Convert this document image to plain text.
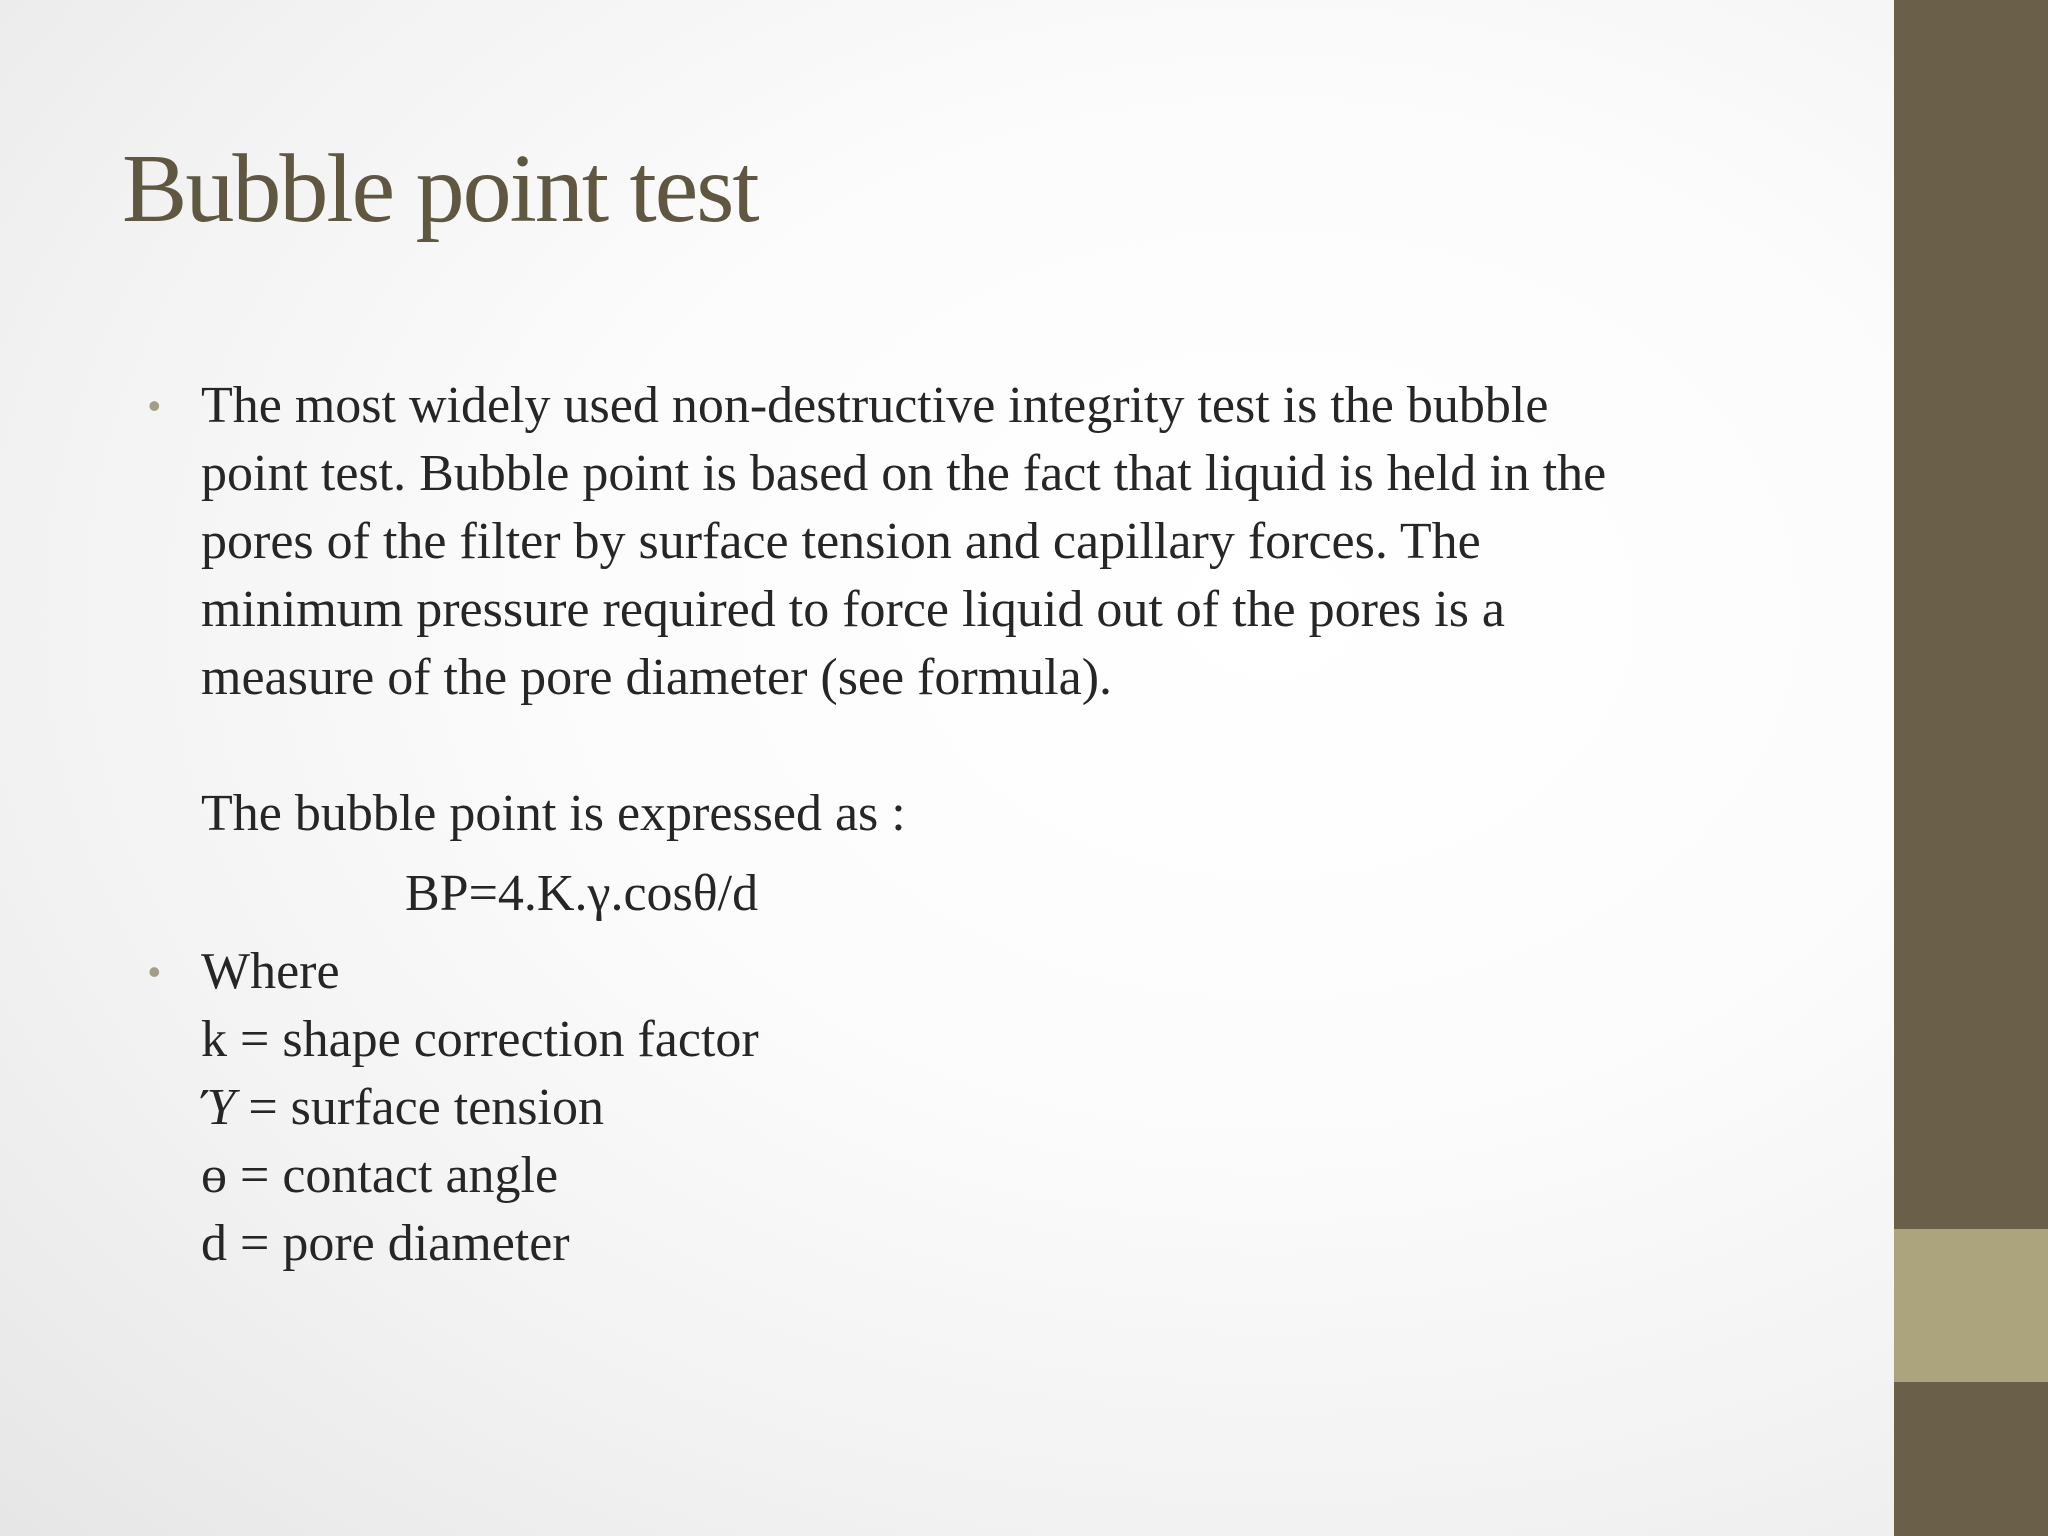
Bubble point test
• The most widely used non-destructive integrity test is the bubble
point test. Bubble point is based on the fact that liquid is held in the
pores of the filter by surface tension and capillary forces. The
minimum pressure required to force liquid out of the pores is a
measure of the pore diameter (see formula).
The bubble point is expressed as :
BP=4.K.γ.cosθ/d
• Where
k = shape correction factor
Ύ = surface tension
ɵ = contact angle
d = pore diameter
